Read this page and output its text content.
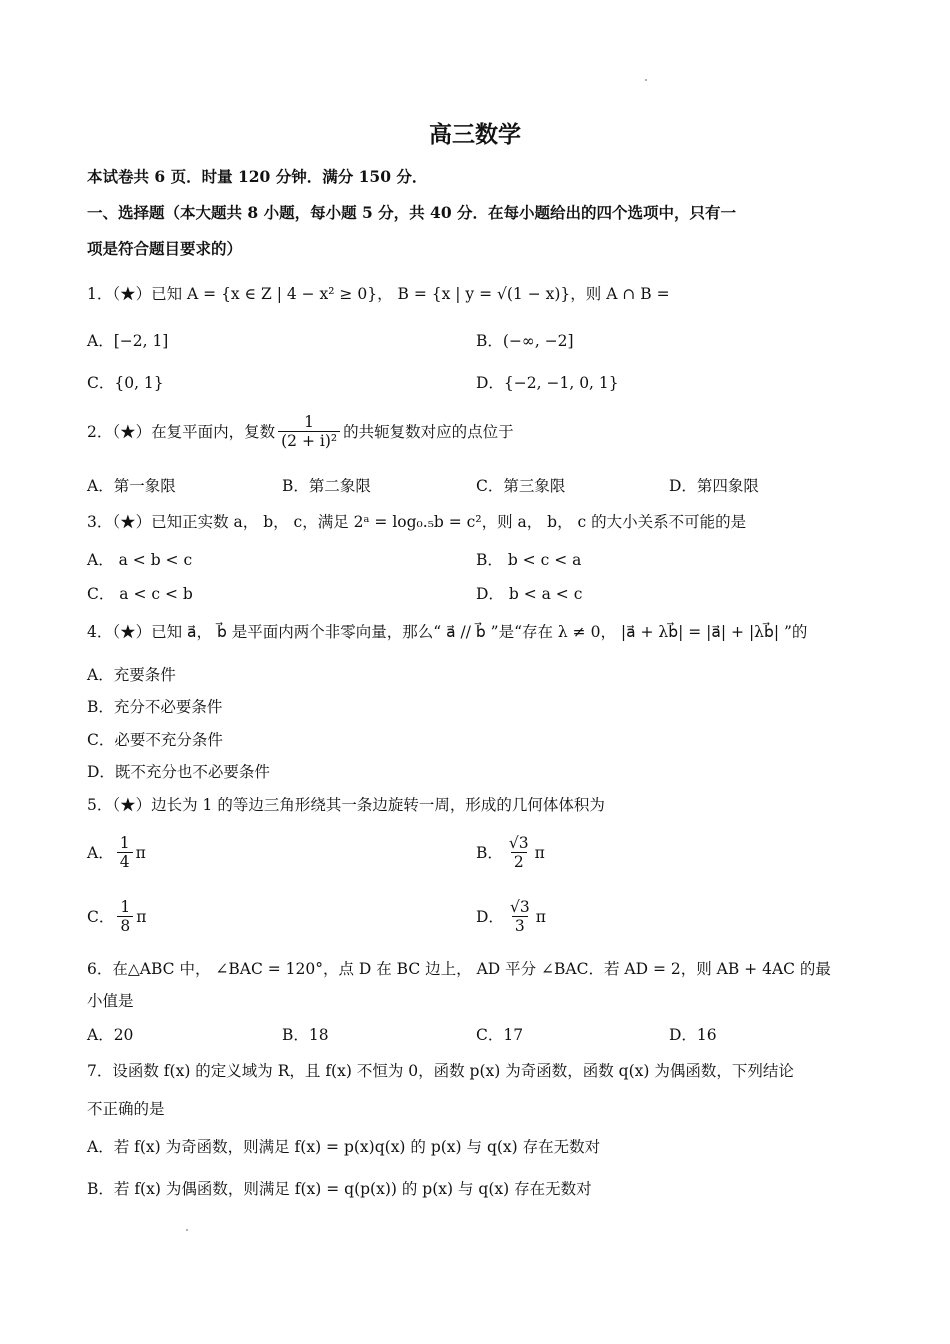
高三数学
本试卷共 6 页．时量 120 分钟．满分 150 分．
一、选择题（本大题共 8 小题，每小题 5 分，共 40 分．在每小题给出的四个选项中，只有一
项是符合题目要求的）
1．（★）已知 A = {x ∈ Z | 4 − x² ≥ 0}， B = {x | y = √(1 − x)}，则 A ∩ B =
A．[−2, 1]	B．(−∞, −2]
C．{0, 1}	D．{−2, −1, 0, 1}
2．（★）在复平面内，复数 $\frac{1}{\text{(2 + i)²}}$ 的共轭复数对应的点位于
A．第一象限	B．第二象限	C．第三象限	D．第四象限
3．（★）已知正实数 a， b， c，满足 2ᵃ = log₀.₅b = c²，则 a， b， c 的大小关系不可能的是
A． a < b < c	B． b < c < a
C． a < c < b	D． b < a < c
4．（★）已知 a⃗， b⃗ 是平面内两个非零向量，那么“ a⃗ // b⃗ ”是“存在 λ ≠ 0， |a⃗ + λb⃗| = |a⃗| + |λb⃗| ”的
A．充要条件
B．充分不必要条件
C．必要不充分条件
D．既不充分也不必要条件
5．（★）边长为 1 的等边三角形绕其一条边旋转一周，形成的几何体体积为
A． $\frac{1}{4}$ π	B． $\frac{√3}{2}$ π
C． $\frac{1}{8}$ π	D． $\frac{√3}{3}$ π
6．在△ABC 中， ∠BAC = 120°，点 D 在 BC 边上， AD 平分 ∠BAC．若 AD = 2，则 AB + 4AC 的最
小值是
A．20	B．18	C．17	D．16
7．设函数 f(x) 的定义域为 R，且 f(x) 不恒为 0，函数 p(x) 为奇函数，函数 q(x) 为偶函数，下列结论
不正确的是
A．若 f(x) 为奇函数，则满足 f(x) = p(x)q(x) 的 p(x) 与 q(x) 存在无数对
B．若 f(x) 为偶函数，则满足 f(x) = q(p(x)) 的 p(x) 与 q(x) 存在无数对
